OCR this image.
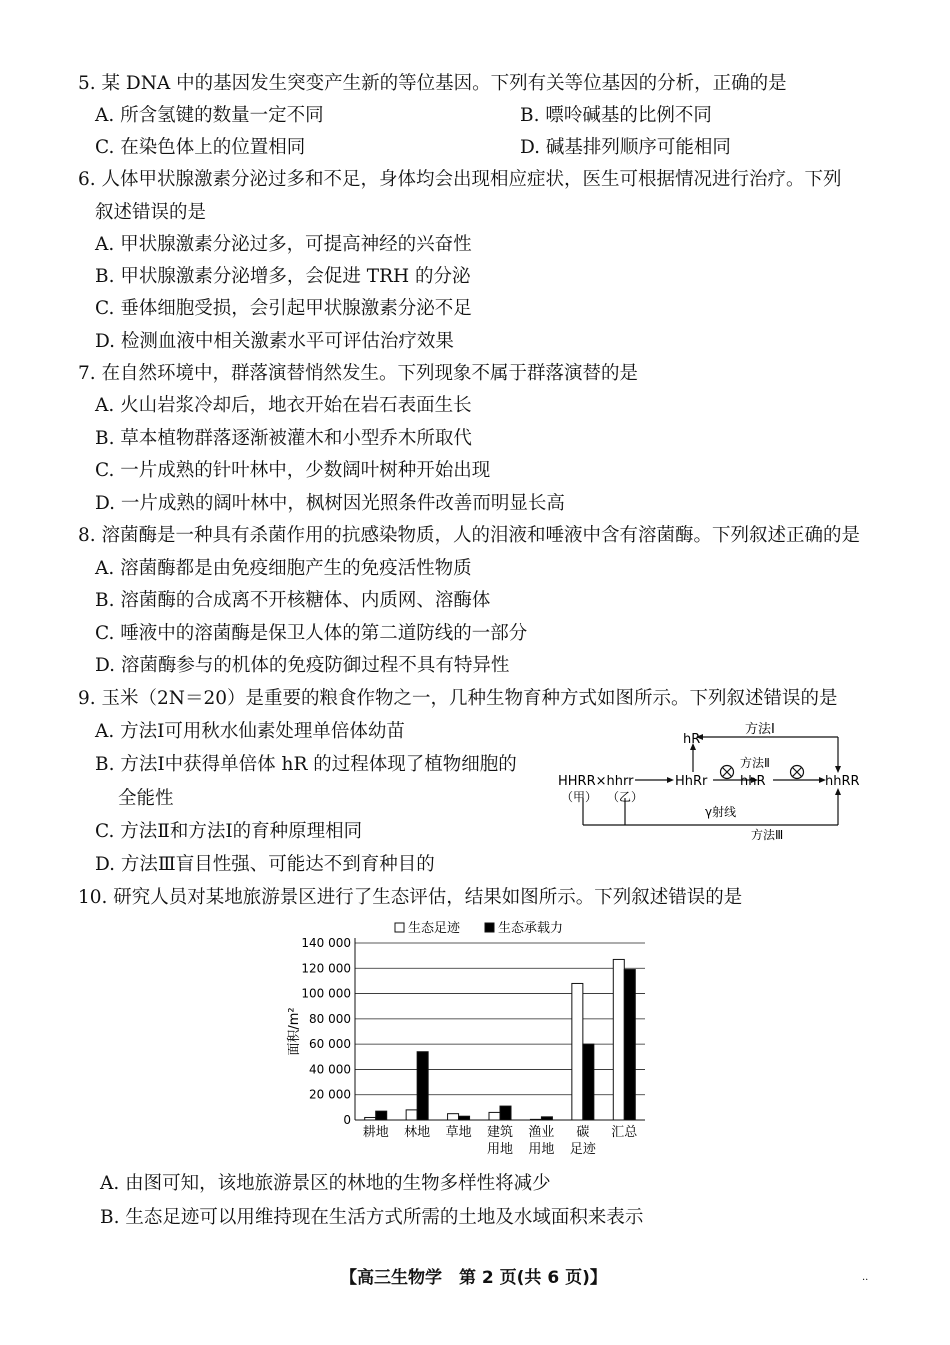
5. 某 DNA 中的基因发生突变产生新的等位基因。下列有关等位基因的分析，正确的是
A. 所含氢键的数量一定不同	B. 嘌呤碱基的比例不同
C. 在染色体上的位置相同	D. 碱基排列顺序可能相同
6. 人体甲状腺激素分泌过多和不足，身体均会出现相应症状，医生可根据情况进行治疗。下列
叙述错误的是
A. 甲状腺激素分泌过多，可提高神经的兴奋性
B. 甲状腺激素分泌增多，会促进 TRH 的分泌
C. 垂体细胞受损，会引起甲状腺激素分泌不足
D. 检测血液中相关激素水平可评估治疗效果
7. 在自然环境中，群落演替悄然发生。下列现象不属于群落演替的是
A. 火山岩浆冷却后，地衣开始在岩石表面生长
B. 草本植物群落逐渐被灌木和小型乔木所取代
C. 一片成熟的针叶林中，少数阔叶树种开始出现
D. 一片成熟的阔叶林中，枫树因光照条件改善而明显长高
8. 溶菌酶是一种具有杀菌作用的抗感染物质，人的泪液和唾液中含有溶菌酶。下列叙述正确的是
A. 溶菌酶都是由免疫细胞产生的免疫活性物质
B. 溶菌酶的合成离不开核糖体、内质网、溶酶体
C. 唾液中的溶菌酶是保卫人体的第二道防线的一部分
D. 溶菌酶参与的机体的免疫防御过程不具有特异性
9. 玉米（2N＝20）是重要的粮食作物之一，几种生物育种方式如图所示。下列叙述错误的是
A. 方法Ⅰ可用秋水仙素处理单倍体幼苗
B. 方法Ⅰ中获得单倍体 hR 的过程体现了植物细胞的
全能性
C. 方法Ⅱ和方法Ⅰ的育种原理相同
D. 方法Ⅲ盲目性强、可能达不到育种目的
hR
方法Ⅰ
方法Ⅱ
HHRR×hhrr
（甲） （乙）
HhRr	hhR	hhRR
γ射线
方法Ⅲ
10. 研究人员对某地旅游景区进行了生态评估，结果如图所示。下列叙述错误的是
0
20 000
40 000
60 000
80 000
100 000
120 000
140 000
面积/m²
耕地 林地 草地 建筑
用地
渔业
用地
碳
足迹
汇总
生态足迹	生态承载力
A. 由图可知，该地旅游景区的林地的生物多样性将减少
B. 生态足迹可以用维持现在生活方式所需的土地及水域面积来表示
【高三生物学　第 2 页(共 6 页)】	··
